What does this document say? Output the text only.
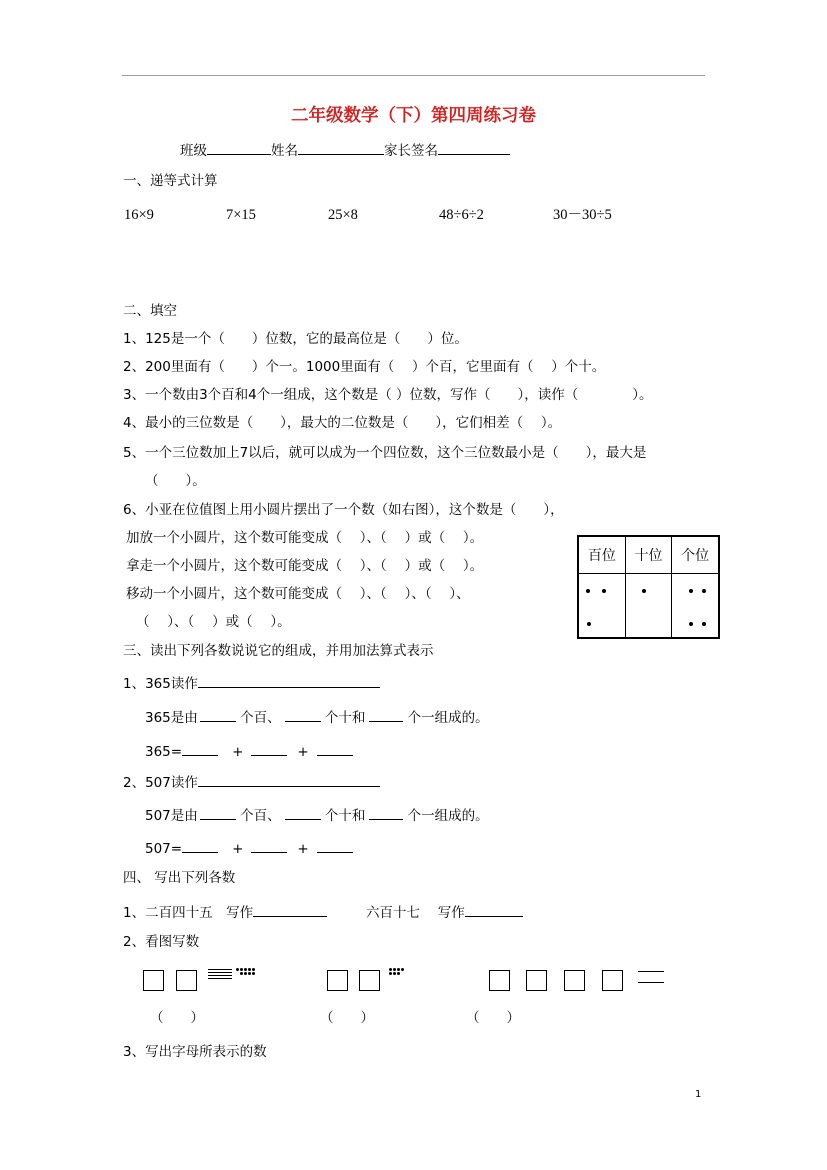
二年级数学（下）第四周练习卷
班级	姓名	家长签名
一、递等式计算
16×9	7×15	25×8	48÷6÷2	30－30÷5
二、填空
1、125是一个（　　）位数，它的最高位是（　　）位。
2、200里面有（　　）个一。1000里面有（　 ）个百，它里面有（　 ）个十。
3、一个数由3个百和4个一组成，这个数是（ ）位数，写作（　　），读作（　　　　）。
4、最小的三位数是（　　），最大的二位数是（　　），它们相差（　 ）。
5、一个三位数加上7以后，就可以成为一个四位数，这个三位数最小是（　　），最大是
（　　）。
6、小亚在位值图上用小圆片摆出了一个数（如右图），这个数是（　　），
加放一个小圆片，这个数可能变成（　 ）、（　 ）或（　 ）。
拿走一个小圆片，这个数可能变成（　 ）、（　 ）或（　 ）。
移动一个小圆片，这个数可能变成（　 ）、（　 ）、（　 ）、
（　 ）、（　 ）或（　 ）。
百位	十位	个位

三、读出下列各数说说它的组成，并用加法算式表示
1、365读作
365是由	个百、	个十和	个一组成的。
365=	+	+
2、507读作
507是由	个百、	个十和	个一组成的。
507=	+	+
四、 写出下列各数
1、二百四十五　写作	六百十七　 写作
2、看图写数
（　　）	（　　）	（　　）
3、写出字母所表示的数
1
